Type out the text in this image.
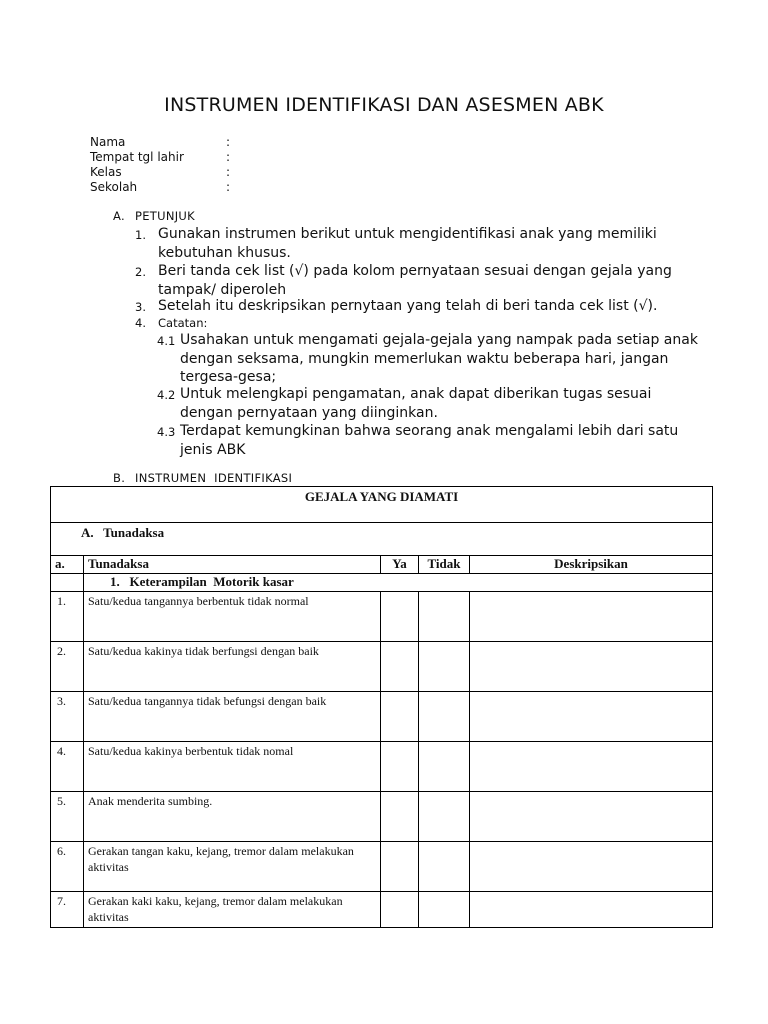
INSTRUMEN IDENTIFIKASI DAN ASESMEN ABK
Nama	:
Tempat tgl lahir	:
Kelas	:
Sekolah	:
A. PETUNJUK
1. Gunakan instrumen berikut untuk mengidentifikasi anak yang memiliki
kebutuhan khusus.
2. Beri tanda cek list (√) pada kolom pernyataan sesuai dengan gejala yang
tampak/ diperoleh
3. Setelah itu deskripsikan pernytaan yang telah di beri tanda cek list (√).
4. Catatan:
4.1 Usahakan untuk mengamati gejala-gejala yang nampak pada setiap anak
dengan seksama, mungkin memerlukan waktu beberapa hari, jangan
tergesa-gesa;
4.2 Untuk melengkapi pengamatan, anak dapat diberikan tugas sesuai
dengan pernyataan yang diinginkan.
4.3 Terdapat kemungkinan bahwa seorang anak mengalami lebih dari satu
jenis ABK
B. INSTRUMEN  IDENTIFIKASI
GEJALA YANG DIAMATI				
A.   Tunadaksa				
a.	Tunadaksa	Ya	Tidak	Deskripsikan
	1.   Keterampilan  Motorik kasar			
1.	Satu/kedua tangannya berbentuk tidak normal			
2.	Satu/kedua kakinya tidak berfungsi dengan baik			
3.	Satu/kedua tangannya tidak befungsi dengan baik			
4.	Satu/kedua kakinya berbentuk tidak nomal			
5.	Anak menderita sumbing.			
6.	Gerakan tangan kaku, kejang, tremor dalam melakukan aktivitas			
7.	Gerakan kaki kaku, kejang, tremor dalam melakukan aktivitas			
